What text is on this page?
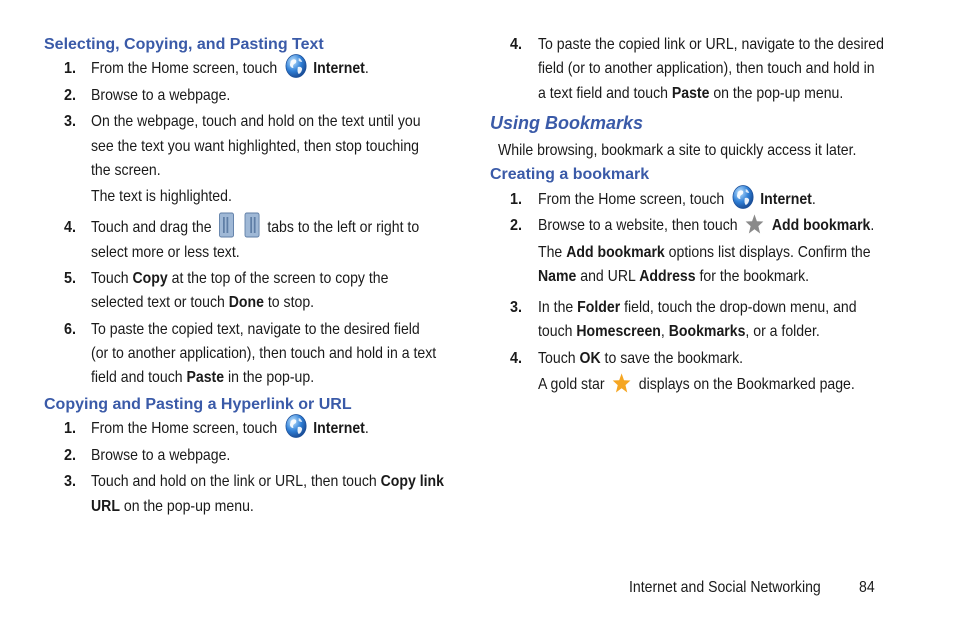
Selecting, Copying, and Pasting Text
1. From the Home screen, touch Internet.
2. Browse to a webpage.
3. On the webpage, touch and hold on the text until you
see the text you want highlighted, then stop touching
the screen.
The text is highlighted.
4. Touch and drag the	tabs to the left or right to
select more or less text.
5. Touch Copy at the top of the screen to copy the
selected text or touch Done to stop.
6. To paste the copied text, navigate to the desired field
(or to another application), then touch and hold in a text
field and touch Paste in the pop-up.
Copying and Pasting a Hyperlink or URL
1. From the Home screen, touch Internet.
2. Browse to a webpage.
3. Touch and hold on the link or URL, then touch Copy link
URL on the pop-up menu.
4. To paste the copied link or URL, navigate to the desired
field (or to another application), then touch and hold in
a text field and touch Paste on the pop-up menu.
Using Bookmarks
While browsing, bookmark a site to quickly access it later.
Creating a bookmark
1. From the Home screen, touch Internet.
2. Browse to a website, then touch Add bookmark.
The Add bookmark options list displays. Confirm the
Name and URL Address for the bookmark.
3. In the Folder field, touch the drop-down menu, and
touch Homescreen, Bookmarks, or a folder.
4. Touch OK to save the bookmark.
A gold star displays on the Bookmarked page.
Internet and Social Networking 84
